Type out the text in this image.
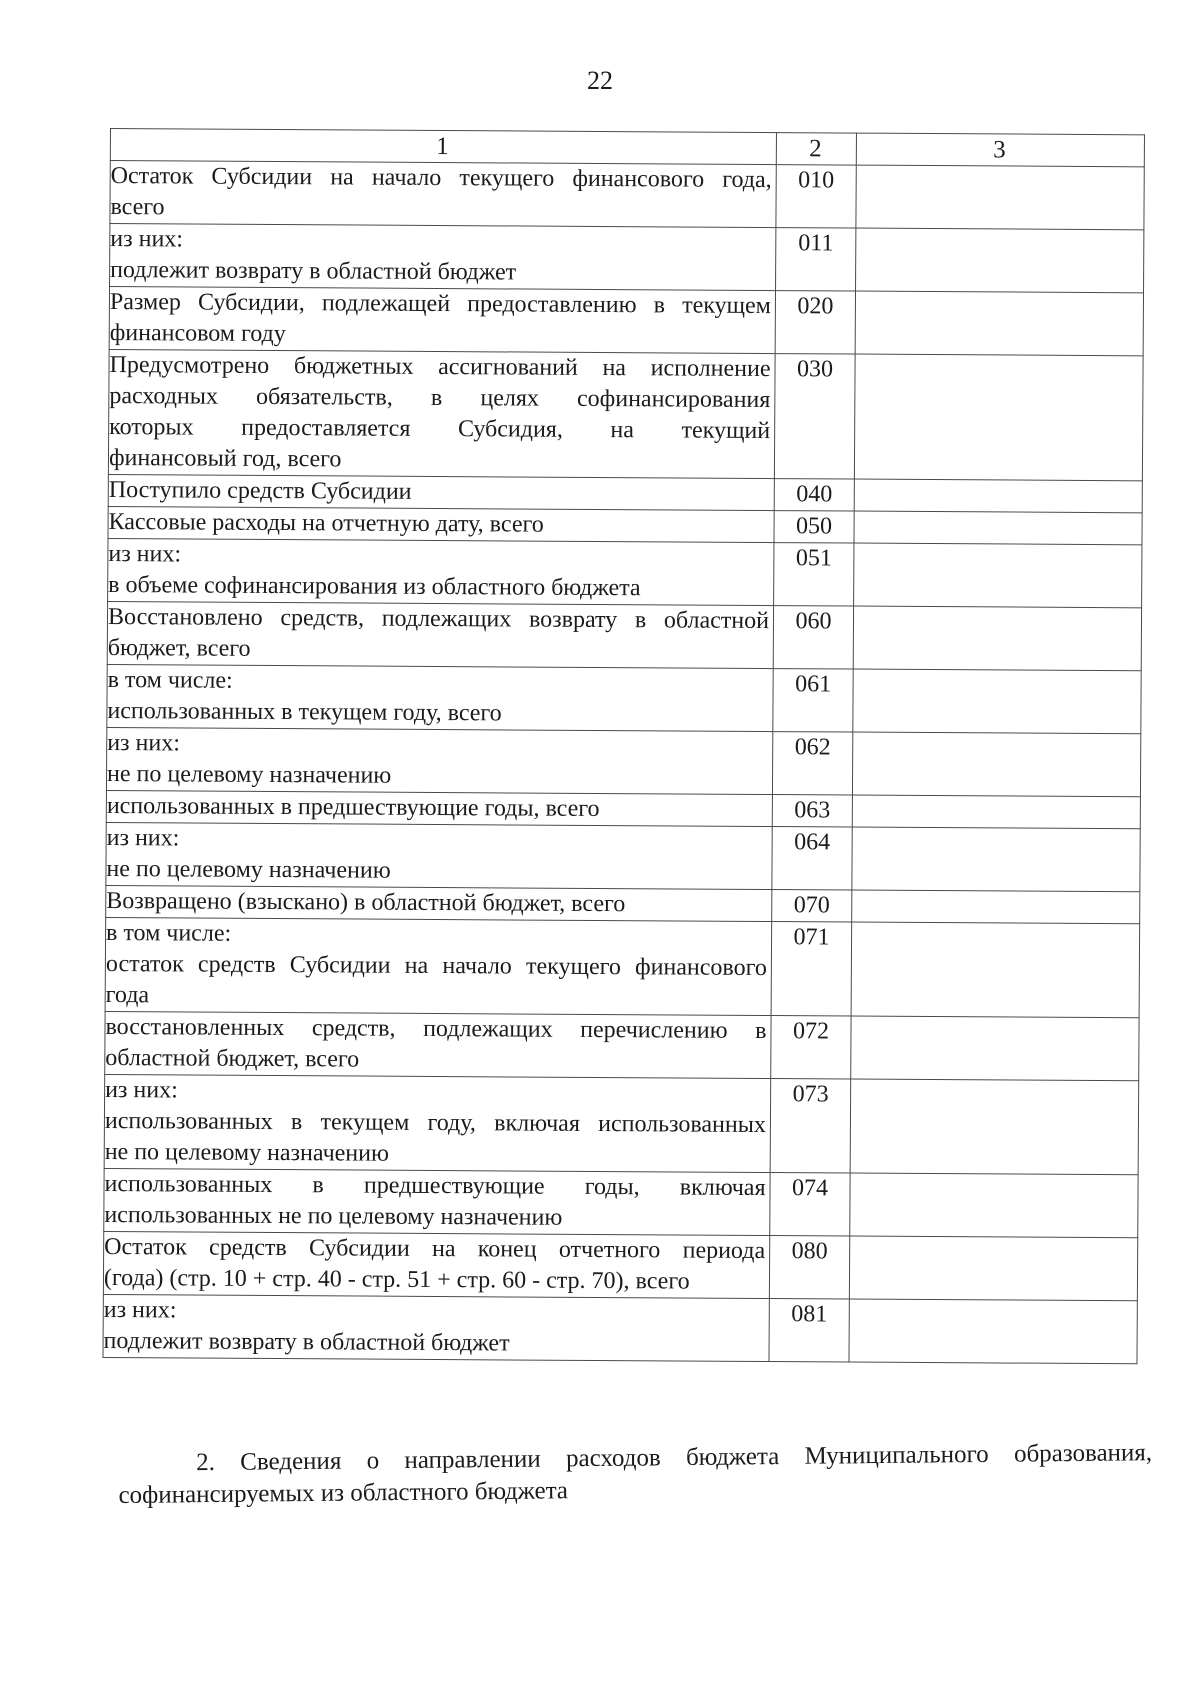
22
1	2	3

Остаток Субсидии на начало текущего финансового года,
всего	010	

из них:
подлежит возврату в областной бюджет	011	

Размер Субсидии, подлежащей предоставлению в текущем
финансовом году	020	

Предусмотрено бюджетных ассигнований на исполнение
расходных обязательств, в целях софинансирования
которых предоставляется Субсидия, на текущий
финансовый год, всего	030	

Поступило средств Субсидии	040	

Кассовые расходы на отчетную дату, всего	050	

из них:
в объеме софинансирования из областного бюджета	051	

Восстановлено средств, подлежащих возврату в областной
бюджет, всего	060	

в том числе:
использованных в текущем году, всего	061	

из них:
не по целевому назначению	062	

использованных в предшествующие годы, всего	063	

из них:
не по целевому назначению	064	

Возвращено (взыскано) в областной бюджет, всего	070	

в том числе:
остаток средств Субсидии на начало текущего финансового
года	071	

восстановленных средств, подлежащих перечислению в
областной бюджет, всего	072	

из них:
использованных в текущем году, включая использованных
не по целевому назначению	073	

использованных в предшествующие годы, включая
использованных не по целевому назначению	074	

Остаток средств Субсидии на конец отчетного периода
(года) (стр. 10 + стр. 40 - стр. 51 + стр. 60 - стр. 70), всего	080	

из них:
подлежит возврату в областной бюджет	081	
2. Сведения о направлении расходов бюджета Муниципального образования, софинансируемых из областного бюджета
